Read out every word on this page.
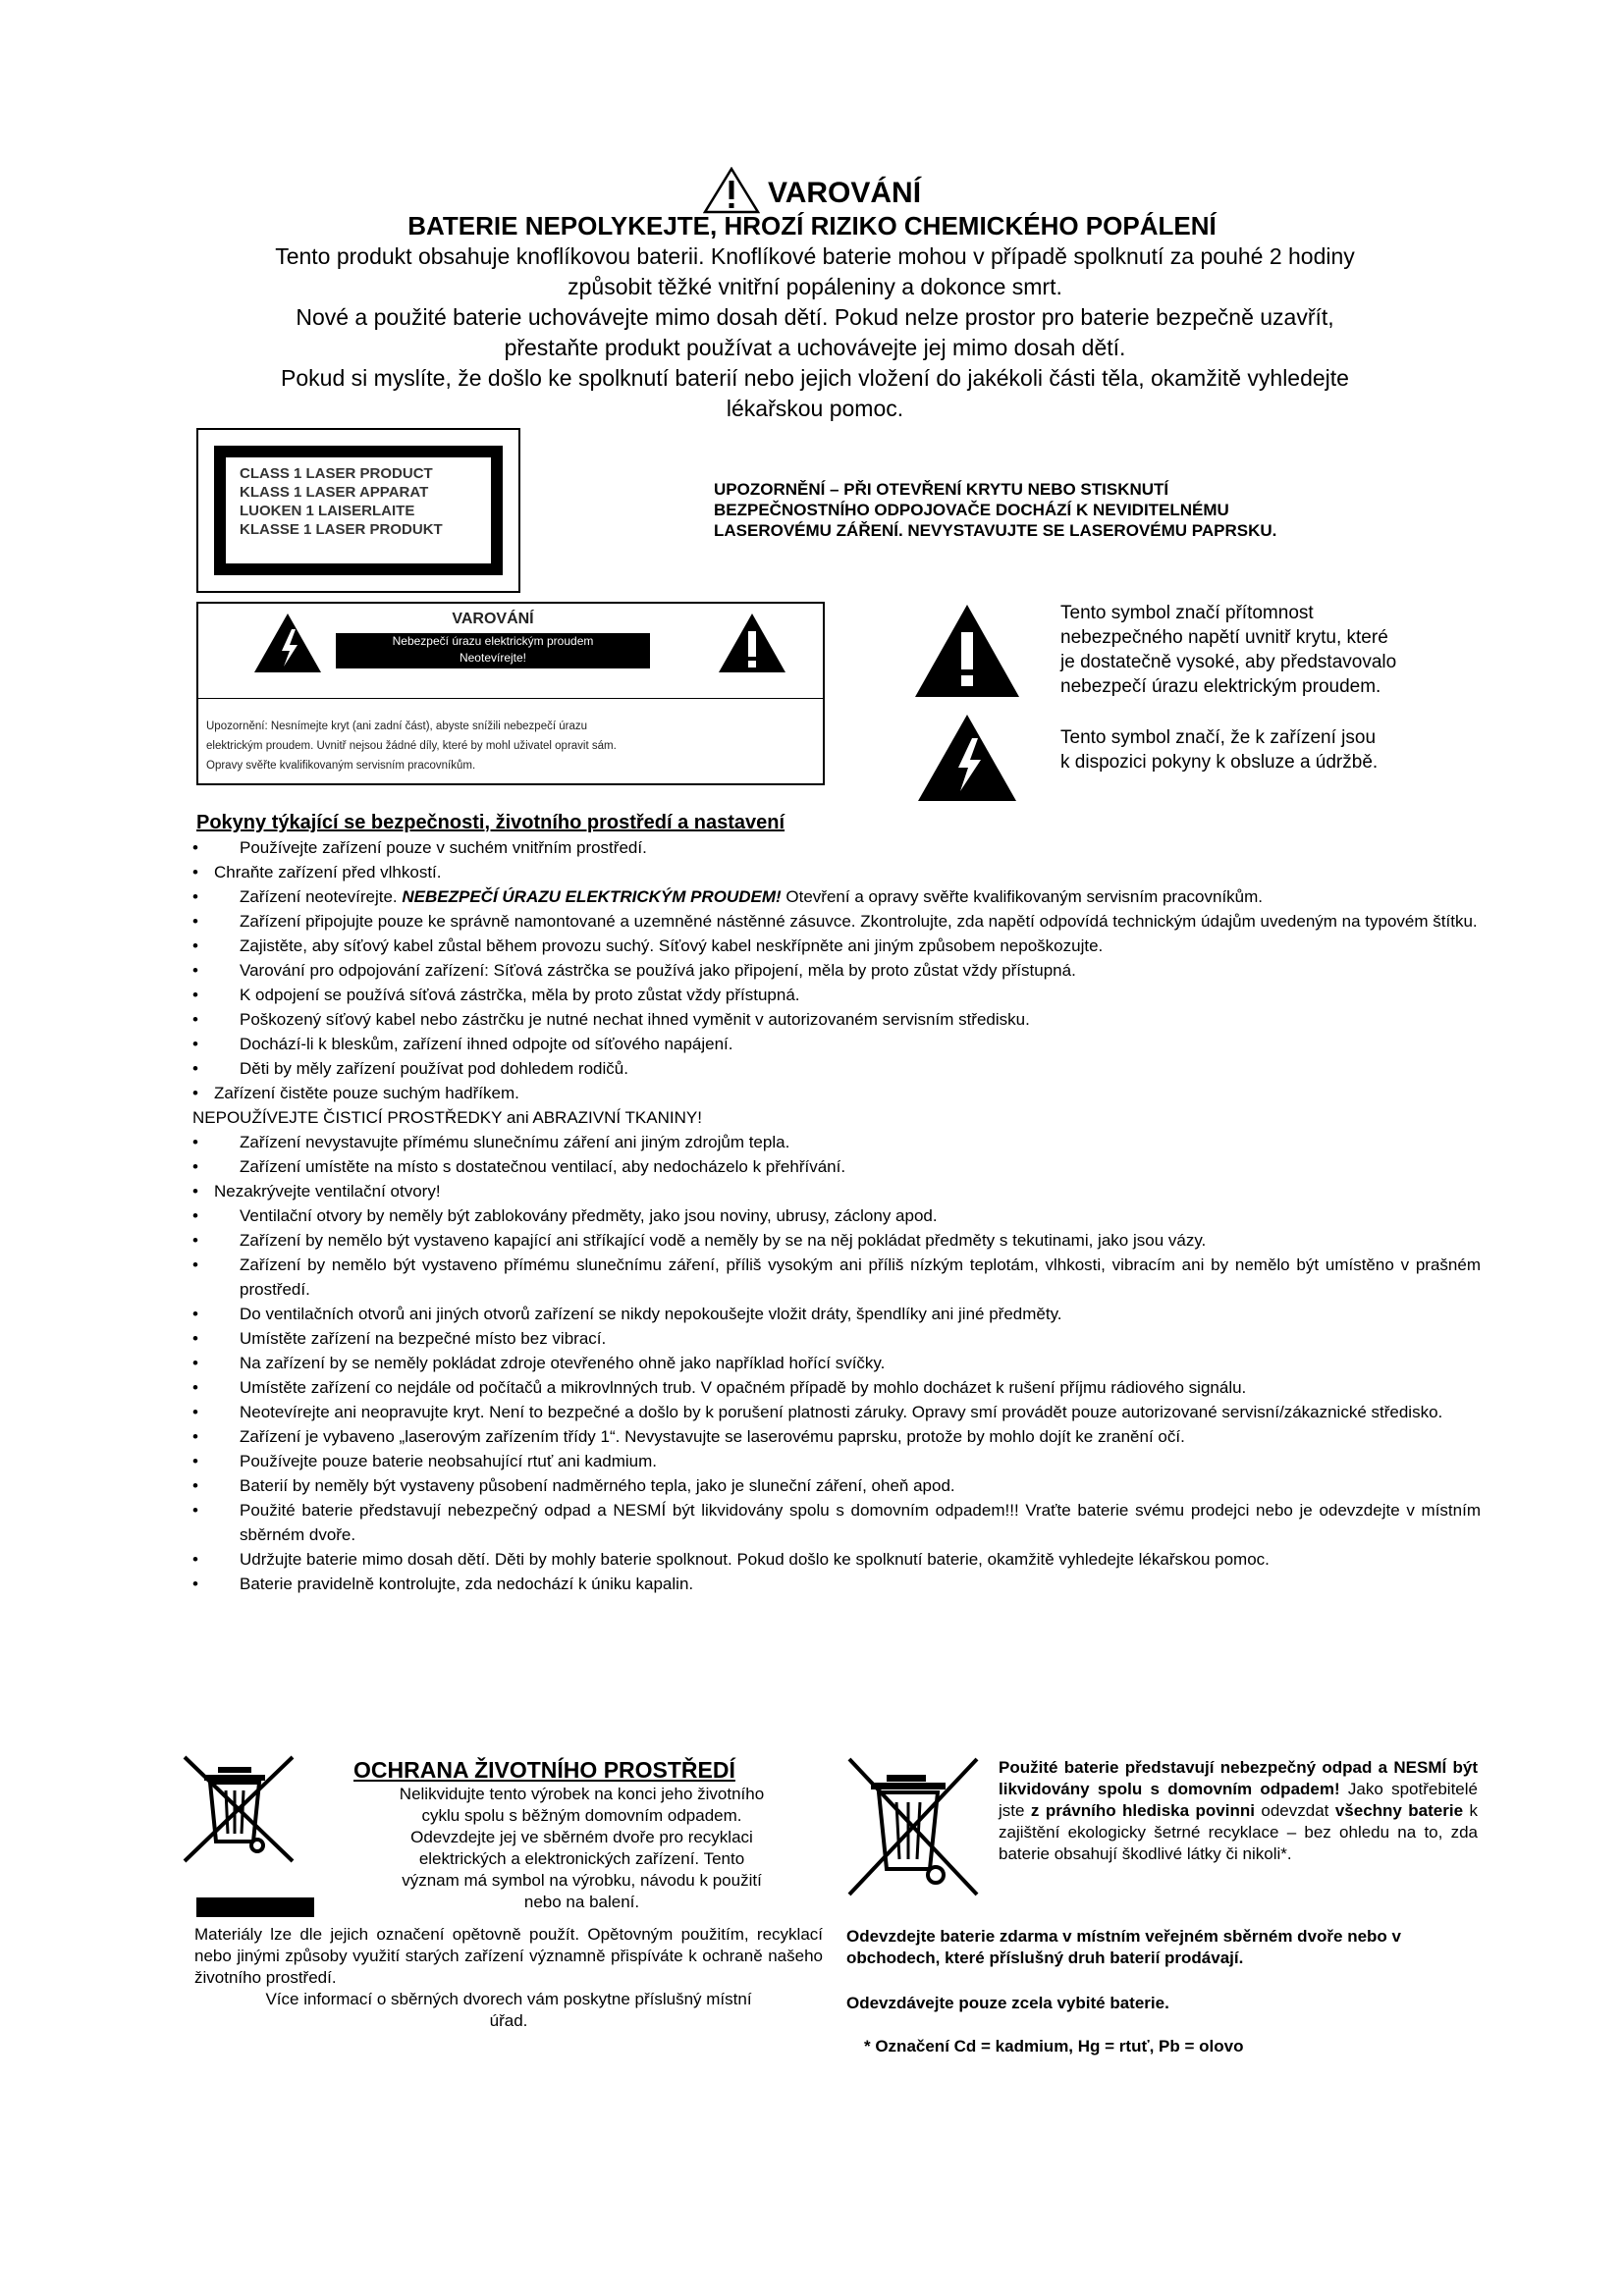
VAROVÁNÍ
BATERIE NEPOLYKEJTE, HROZÍ RIZIKO CHEMICKÉHO POPÁLENÍ

Tento produkt obsahuje knoflíkovou baterii. Knoflíkové baterie mohou v případě spolknutí za pouhé 2 hodiny

způsobit těžké vnitřní popáleniny a dokonce smrt.

Nové a použité baterie uchovávejte mimo dosah dětí. Pokud nelze prostor pro baterie bezpečně uzavřít,

přestaňte produkt používat a uchovávejte jej mimo dosah dětí.

Pokud si myslíte, že došlo ke spolknutí baterií nebo jejich vložení do jakékoli části těla, okamžitě vyhledejte

lékařskou pomoc.

CLASS 1 LASER PRODUCT
KLASS 1 LASER APPARAT
LUOKEN 1 LAISERLAITE
KLASSE 1 LASER PRODUKT
UPOZORNĚNÍ – PŘI OTEVŘENÍ KRYTU NEBO STISKNUTÍ
BEZPEČNOSTNÍHO ODPOJOVAČE DOCHÁZÍ K NEVIDITELNÉMU
LASEROVÉMU ZÁŘENÍ. NEVYSTAVUJTE SE LASEROVÉMU PAPRSKU.
VAROVÁNÍ
Nebezpečí úrazu elektrickým proudem
Neotevírejte!

Upozornění: Nesnímejte kryt (ani zadní část), abyste snížili nebezpečí úrazu

elektrickým proudem. Uvnitř nejsou žádné díly, které by mohl uživatel opravit sám.

Opravy svěřte kvalifikovaným servisním pracovníkům.

Tento symbol značí přítomnost
nebezpečného napětí uvnitř krytu, které
je dostatečně vysoké, aby představovalo
nebezpečí úrazu elektrickým proudem.
Tento symbol značí, že k zařízení jsou
k dispozici pokyny k obsluze a údržbě.
Pokyny týkající se bezpečnosti, životního prostředí a nastavení
• Používejte zařízení pouze v suchém vnitřním prostředí.
• Chraňte zařízení před vlhkostí.
• Zařízení neotevírejte. NEBEZPEČÍ ÚRAZU ELEKTRICKÝM PROUDEM! Otevření a opravy svěřte kvalifikovaným servisním pracovníkům.
• Zařízení připojujte pouze ke správně namontované a uzemněné nástěnné zásuvce. Zkontrolujte, zda napětí odpovídá technickým údajům uvedeným na typovém štítku.
• Zajistěte, aby síťový kabel zůstal během provozu suchý. Síťový kabel neskřípněte ani jiným způsobem nepoškozujte.
• Varování pro odpojování zařízení: Síťová zástrčka se používá jako připojení, měla by proto zůstat vždy přístupná.
• K odpojení se používá síťová zástrčka, měla by proto zůstat vždy přístupná.
• Poškozený síťový kabel nebo zástrčku je nutné nechat ihned vyměnit v autorizovaném servisním středisku.
• Dochází-li k bleskům, zařízení ihned odpojte od síťového napájení.
• Děti by měly zařízení používat pod dohledem rodičů.
• Zařízení čistěte pouze suchým hadříkem.
NEPOUŽÍVEJTE ČISTICÍ PROSTŘEDKY ani ABRAZIVNÍ TKANINY!
• Zařízení nevystavujte přímému slunečnímu záření ani jiným zdrojům tepla.
• Zařízení umístěte na místo s dostatečnou ventilací, aby nedocházelo k přehřívání.
• Nezakrývejte ventilační otvory!
• Ventilační otvory by neměly být zablokovány předměty, jako jsou noviny, ubrusy, záclony apod.
• Zařízení by nemělo být vystaveno kapající ani stříkající vodě a neměly by se na něj pokládat předměty s tekutinami, jako jsou vázy.
• Zařízení by nemělo být vystaveno přímému slunečnímu záření, příliš vysokým ani příliš nízkým teplotám, vlhkosti, vibracím ani by nemělo být umístěno v prašném prostředí.
• Do ventilačních otvorů ani jiných otvorů zařízení se nikdy nepokoušejte vložit dráty, špendlíky ani jiné předměty.
• Umístěte zařízení na bezpečné místo bez vibrací.
• Na zařízení by se neměly pokládat zdroje otevřeného ohně jako například hořící svíčky.
• Umístěte zařízení co nejdále od počítačů a mikrovlnných trub. V opačném případě by mohlo docházet k rušení příjmu rádiového signálu.
• Neotevírejte ani neopravujte kryt. Není to bezpečné a došlo by k porušení platnosti záruky. Opravy smí provádět pouze autorizované servisní/zákaznické středisko.
• Zařízení je vybaveno „laserovým zařízením třídy 1“. Nevystavujte se laserovému paprsku, protože by mohlo dojít ke zranění očí.
• Používejte pouze baterie neobsahující rtuť ani kadmium.
• Baterií by neměly být vystaveny působení nadměrného tepla, jako je sluneční záření, oheň apod.
• Použité baterie představují nebezpečný odpad a NESMÍ být likvidovány spolu s domovním odpadem!!! Vraťte baterie svému prodejci nebo je odevzdejte v místním sběrném dvoře.
• Udržujte baterie mimo dosah dětí. Děti by mohly baterie spolknout. Pokud došlo ke spolknutí baterie, okamžitě vyhledejte lékařskou pomoc.
• Baterie pravidelně kontrolujte, zda nedochází k úniku kapalin.
OCHRANA ŽIVOTNÍHO PROSTŘEDÍ
Nelikvidujte tento výrobek na konci jeho životního
cyklu spolu s běžným domovním odpadem.
Odevzdejte jej ve sběrném dvoře pro recyklaci
elektrických a elektronických zařízení. Tento
význam má symbol na výrobku, návodu k použití
nebo na balení.
Materiály lze dle jejich označení opětovně použít. Opětovným použitím, recyklací nebo jinými způsoby využití starých zařízení významně přispíváte k ochraně našeho životního prostředí.
Více informací o sběrných dvorech vám poskytne příslušný místní
úřad.
Použité baterie představují nebezpečný odpad a NESMÍ být likvidovány spolu s domovním odpadem! Jako spotřebitelé jste z právního hlediska povinni odevzdat všechny baterie k zajištění ekologicky šetrné recyklace – bez ohledu na to, zda baterie obsahují škodlivé látky či nikoli*.
Odevzdejte baterie zdarma v místním veřejném sběrném dvoře nebo v obchodech, které příslušný druh baterií prodávají.
Odevzdávejte pouze zcela vybité baterie.
* Označení Cd = kadmium, Hg = rtuť, Pb = olovo
